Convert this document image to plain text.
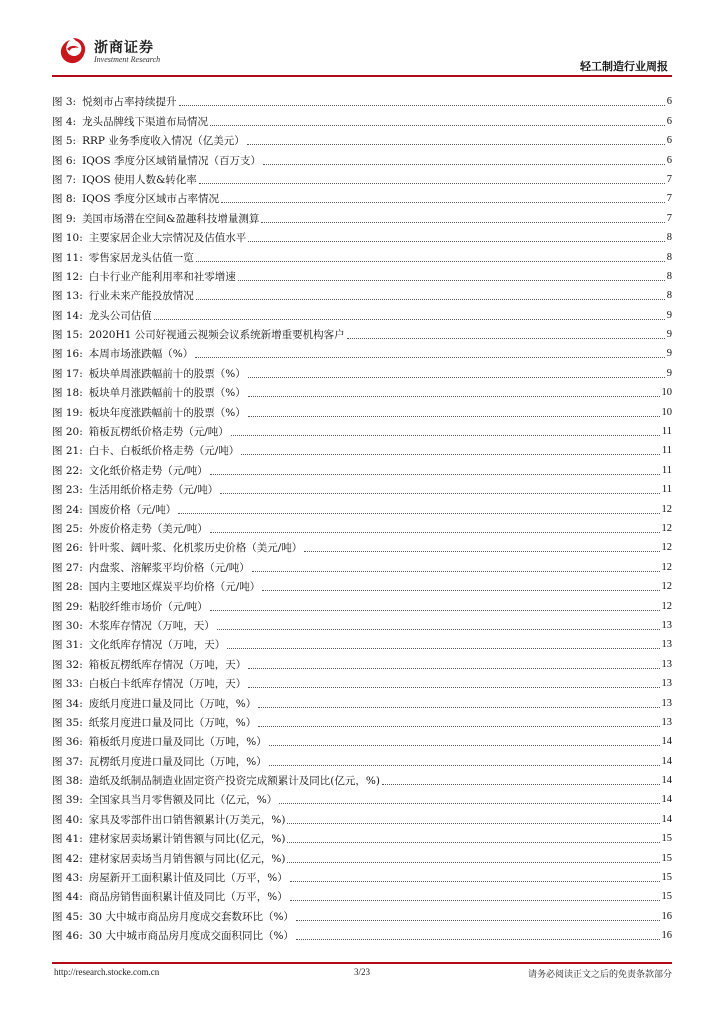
浙商证券
Investment Research
轻工制造行业周报
图 3: 悦刻市占率持续提升	6
图 4: 龙头品牌线下渠道布局情况	6
图 5: RRP 业务季度收入情况（亿美元）	6
图 6: IQOS 季度分区域销量情况（百万支）	6
图 7: IQOS 使用人数&转化率	7
图 8: IQOS 季度分区域市占率情况	7
图 9: 美国市场潜在空间&盈趣科技增量测算	7
图 10: 主要家居企业大宗情况及估值水平	8
图 11: 零售家居龙头估值一览	8
图 12: 白卡行业产能利用率和社零增速	8
图 13: 行业未来产能投放情况	8
图 14: 龙头公司估值	9
图 15: 2020H1 公司好视通云视频会议系统新增重要机构客户	9
图 16: 本周市场涨跌幅（%）	9
图 17: 板块单周涨跌幅前十的股票（%）	9
图 18: 板块单月涨跌幅前十的股票（%）	10
图 19: 板块年度涨跌幅前十的股票（%）	10
图 20: 箱板瓦楞纸价格走势（元/吨）	11
图 21: 白卡、白板纸价格走势（元/吨）	11
图 22: 文化纸价格走势（元/吨）	11
图 23: 生活用纸价格走势（元/吨）	11
图 24: 国废价格（元/吨）	12
图 25: 外废价格走势（美元/吨）	12
图 26: 针叶浆、阔叶浆、化机浆历史价格（美元/吨）	12
图 27: 内盘浆、溶解浆平均价格（元/吨）	12
图 28: 国内主要地区煤炭平均价格（元/吨）	12
图 29: 粘胶纤维市场价（元/吨）	12
图 30: 木浆库存情况（万吨，天）	13
图 31: 文化纸库存情况（万吨，天）	13
图 32: 箱板瓦楞纸库存情况（万吨，天）	13
图 33: 白板白卡纸库存情况（万吨，天）	13
图 34: 废纸月度进口量及同比（万吨，%）	13
图 35: 纸浆月度进口量及同比（万吨，%）	13
图 36: 箱板纸月度进口量及同比（万吨，%）	14
图 37: 瓦楞纸月度进口量及同比（万吨，%）	14
图 38: 造纸及纸制品制造业固定资产投资完成额累计及同比(亿元，%)	14
图 39: 全国家具当月零售额及同比（亿元，%）	14
图 40: 家具及零部件出口销售额累计(万美元，%)	14
图 41: 建材家居卖场累计销售额与同比(亿元，%)	15
图 42: 建材家居卖场当月销售额与同比(亿元，%)	15
图 43: 房屋新开工面积累计值及同比（万平，%）	15
图 44: 商品房销售面积累计值及同比（万平，%）	15
图 45: 30 大中城市商品房月度成交套数环比（%）	16
图 46: 30 大中城市商品房月度成交面积同比（%）	16
http://research.stocke.com.cn	3/23	请务必阅读正文之后的免责条款部分
